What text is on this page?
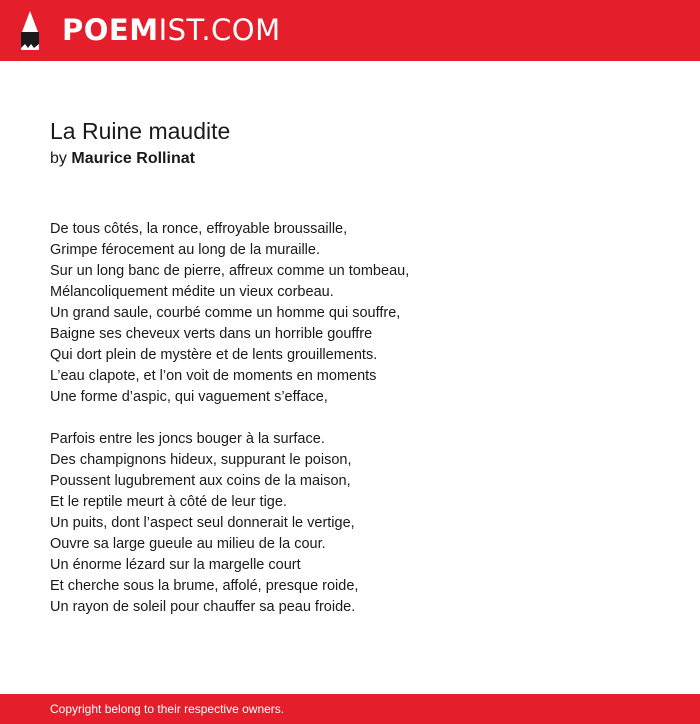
POEMIST.COM
La Ruine maudite
by Maurice Rollinat
De tous côtés, la ronce, effroyable broussaille,
Grimpe férocement au long de la muraille.
Sur un long banc de pierre, affreux comme un tombeau,
Mélancoliquement médite un vieux corbeau.
Un grand saule, courbé comme un homme qui souffre,
Baigne ses cheveux verts dans un horrible gouffre
Qui dort plein de mystère et de lents grouillements.
L’eau clapote, et l’on voit de moments en moments
Une forme d’aspic, qui vaguement s’efface,
Parfois entre les joncs bouger à la surface.
Des champignons hideux, suppurant le poison,
Poussent lugubrement aux coins de la maison,
Et le reptile meurt à côté de leur tige.
Un puits, dont l’aspect seul donnerait le vertige,
Ouvre sa large gueule au milieu de la cour.
Un énorme lézard sur la margelle court
Et cherche sous la brume, affolé, presque roide,
Un rayon de soleil pour chauffer sa peau froide.
Copyright belong to their respective owners.
